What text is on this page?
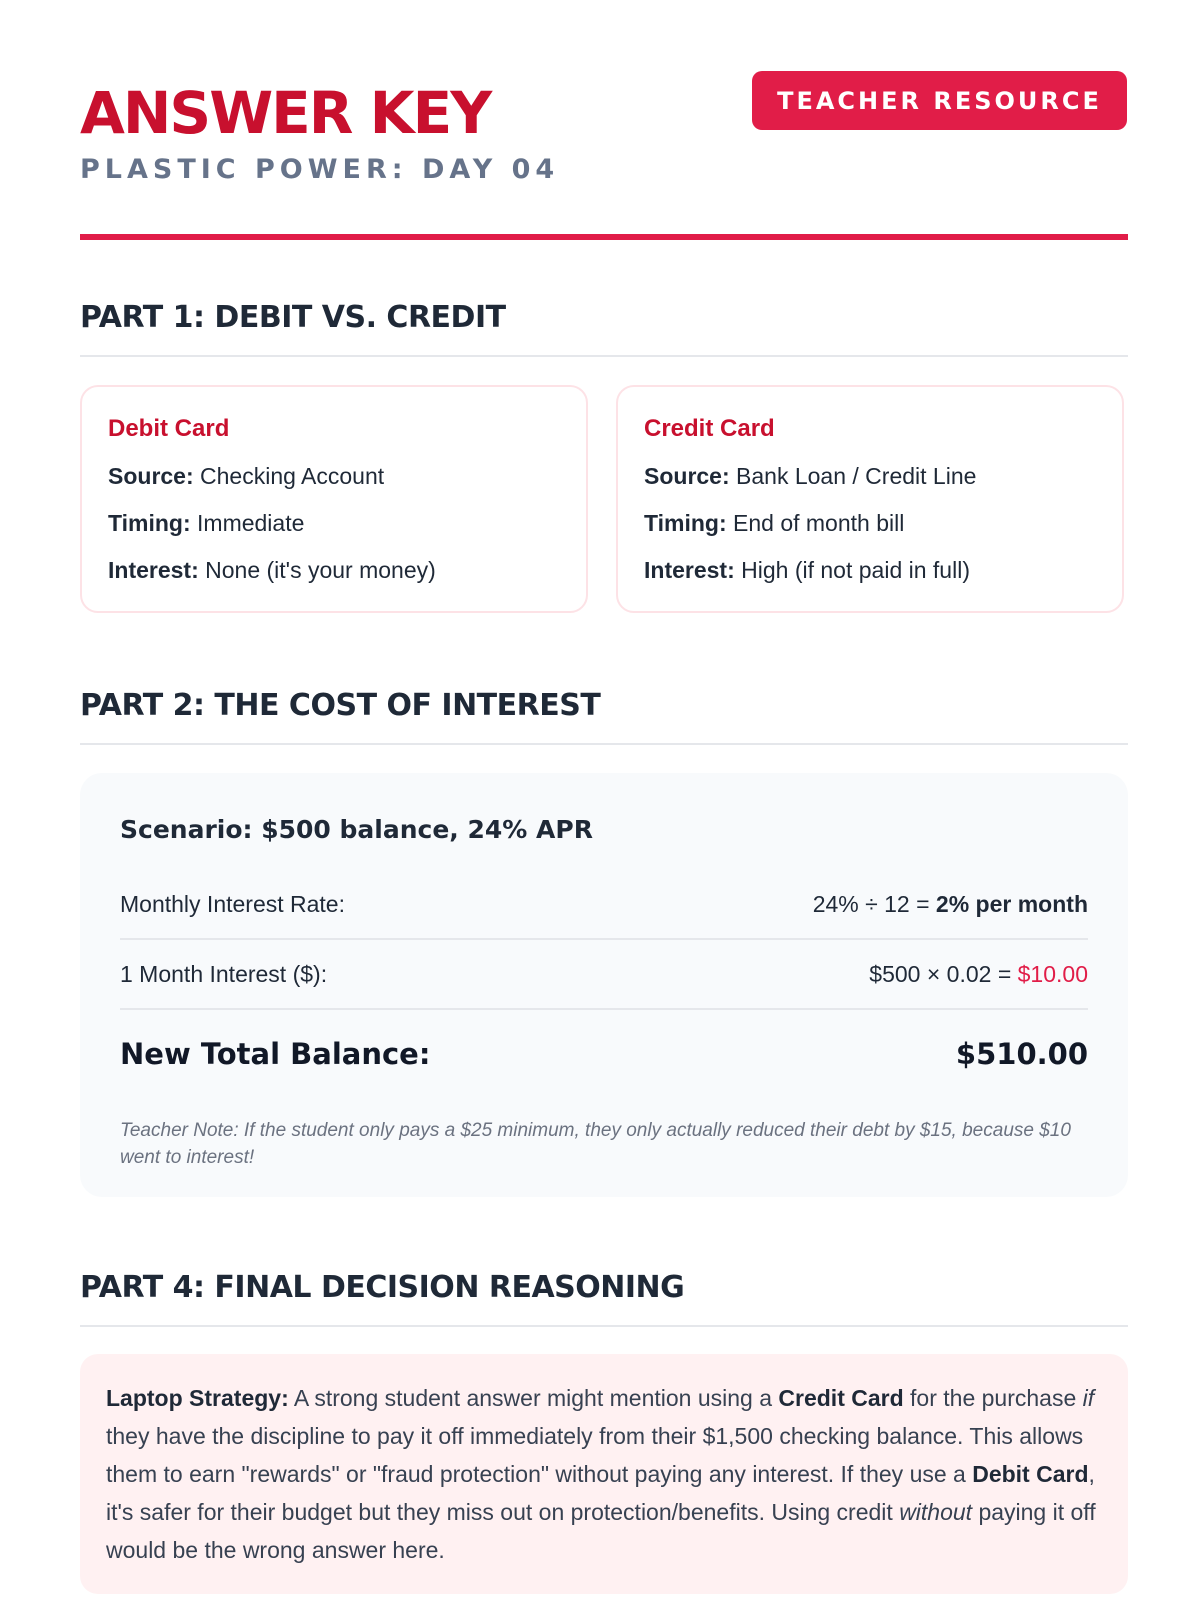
ANSWER KEY
PLASTIC POWER: DAY 04
TEACHER RESOURCE
PART 1: DEBIT VS. CREDIT
Debit Card

Source: Checking Account

Timing: Immediate

Interest: None (it's your money)

Credit Card

Source: Bank Loan / Credit Line

Timing: End of month bill

Interest: High (if not paid in full)

PART 2: THE COST OF INTEREST
Scenario: $500 balance, 24% APR
Monthly Interest Rate:	24% ÷ 12 = 2% per month
1 Month Interest ($):	$500 × 0.02 = $10.00
New Total Balance:	$510.00

Teacher Note: If the student only pays a $25 minimum, they only actually reduced their debt by $15, because $10 went to interest!

PART 4: FINAL DECISION REASONING
Laptop Strategy: A strong student answer might mention using a Credit Card for the purchase if they have the discipline to pay it off immediately from their $1,500 checking balance. This allows them to earn "rewards" or "fraud protection" without paying any interest. If they use a Debit Card, it's safer for their budget but they miss out on protection/benefits. Using credit without paying it off would be the wrong answer here.
